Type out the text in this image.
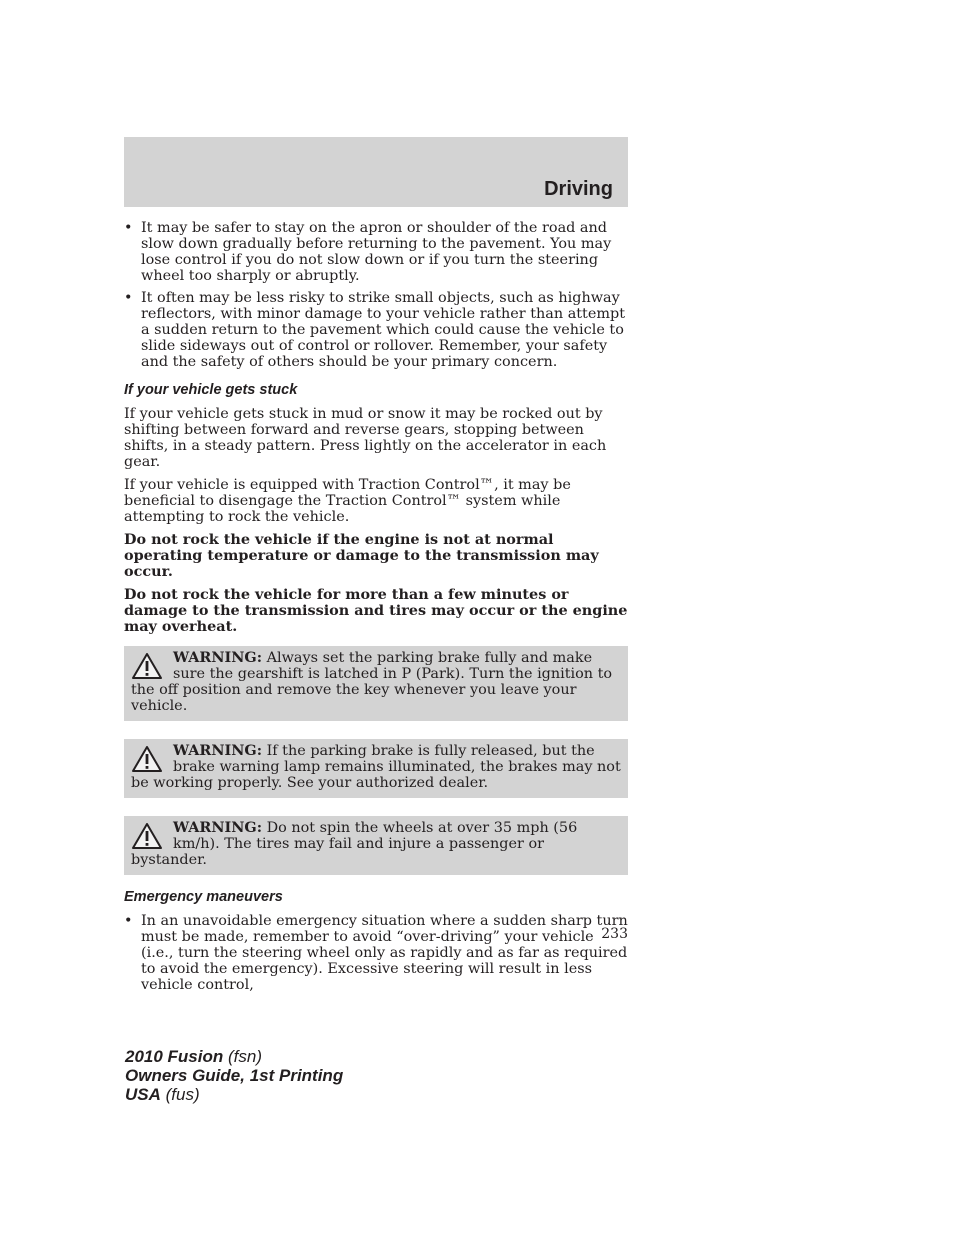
Driving
• It may be safer to stay on the apron or shoulder of the road and slow down gradually before returning to the pavement. You may lose control if you do not slow down or if you turn the steering wheel too sharply or abruptly.
• It often may be less risky to strike small objects, such as highway reflectors, with minor damage to your vehicle rather than attempt a sudden return to the pavement which could cause the vehicle to slide sideways out of control or rollover. Remember, your safety and the safety of others should be your primary concern.
If your vehicle gets stuck

If your vehicle gets stuck in mud or snow it may be rocked out by shifting between forward and reverse gears, stopping between shifts, in a steady pattern. Press lightly on the accelerator in each gear.

If your vehicle is equipped with Traction Control™, it may be beneficial to disengage the Traction Control™ system while attempting to rock the vehicle.

Do not rock the vehicle if the engine is not at normal operating temperature or damage to the transmission may occur.

Do not rock the vehicle for more than a few minutes or damage to the transmission and tires may occur or the engine may overheat.

WARNING: Always set the parking brake fully and make sure the gearshift is latched in P (Park). Turn the ignition to the off position and remove the key whenever you leave your vehicle.
WARNING: If the parking brake is fully released, but the brake warning lamp remains illuminated, the brakes may not be working properly. See your authorized dealer.
WARNING: Do not spin the wheels at over 35 mph (56 km/h). The tires may fail and injure a passenger or bystander.
Emergency maneuvers
• In an unavoidable emergency situation where a sudden sharp turn must be made, remember to avoid “over-driving” your vehicle (i.e., turn the steering wheel only as rapidly and as far as required to avoid the emergency). Excessive steering will result in less vehicle control,
233
2010 Fusion (fsn)
Owners Guide, 1st Printing
USA (fus)
